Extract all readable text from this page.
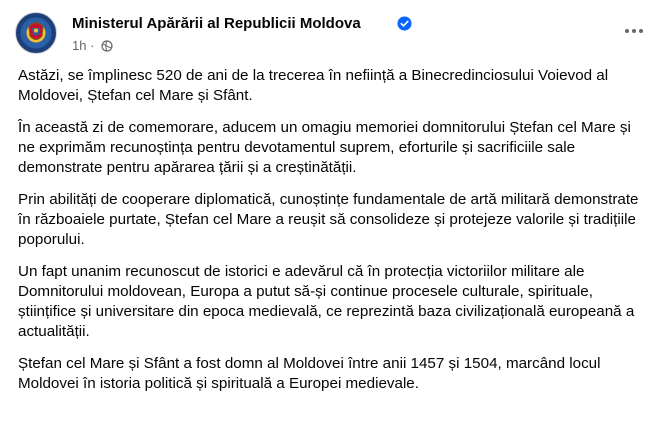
Ministerul Apărării al Republicii Moldova
1h ·

Astăzi, se împlinesc 520 de ani de la trecerea în neființă a Binecredinciosului Voievod al Moldovei, Ștefan cel Mare și Sfânt.

În această zi de comemorare, aducem un omagiu memoriei domnitorului Ștefan cel Mare și ne exprimăm recunoștința pentru devotamentul suprem, eforturile și sacrificiile sale demonstrate pentru apărarea țării și a creștinătății.

Prin abilități de cooperare diplomatică, cunoștințe fundamentale de artă militară demonstrate în războaiele purtate, Ștefan cel Mare a reușit să consolideze și protejeze valorile și tradițiile poporului.

Un fapt unanim recunoscut de istorici e adevărul că în protecția victoriilor militare ale Domnitorului moldovean, Europa a putut să-și continue procesele culturale, spirituale, științifice și universitare din epoca medievală, ce reprezintă baza civilizațională europeană a actualității.

Ștefan cel Mare și Sfânt a fost domn al Moldovei între anii 1457 și 1504, marcând locul Moldovei în istoria politică și spirituală a Europei medievale.
